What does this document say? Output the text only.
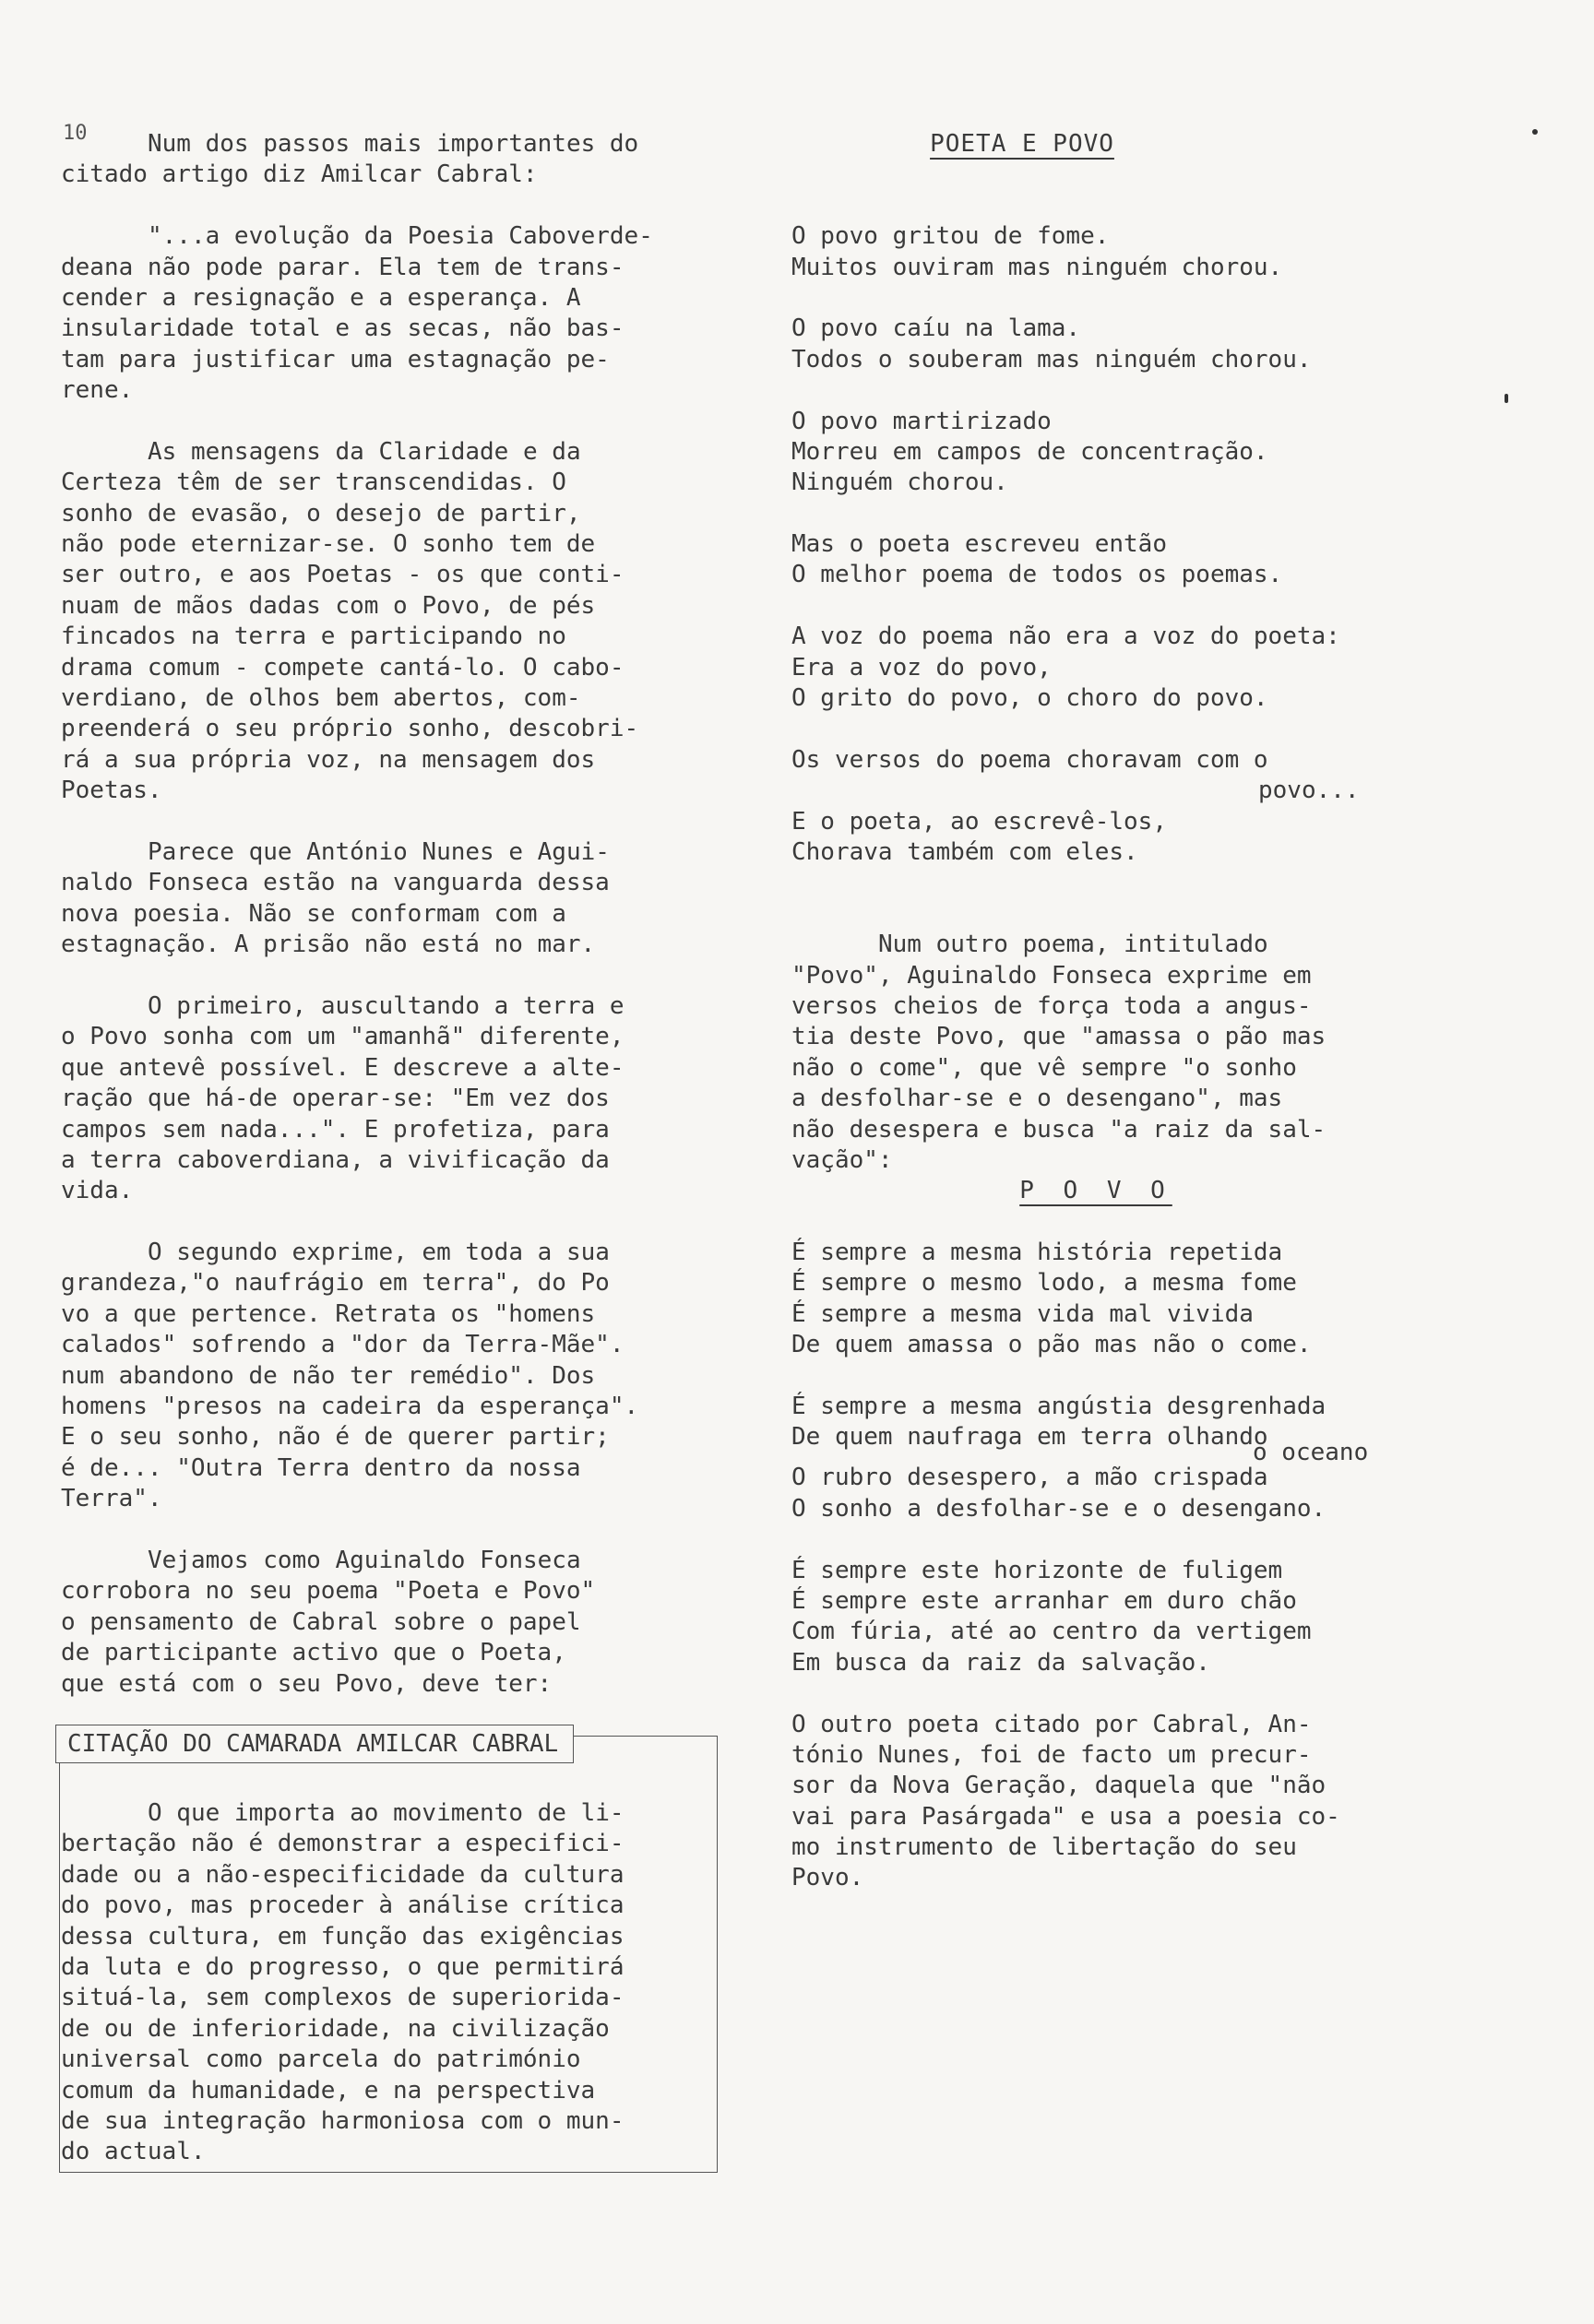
10	Num dos passos mais importantes do
citado artigo diz Amilcar Cabral:
"...a evolução da Poesia Caboverde-
deana não pode parar. Ela tem de trans-
cender a resignação e a esperança. A
insularidade total e as secas, não bas-
tam para justificar uma estagnação pe-
rene.
As mensagens da Claridade e da
Certeza têm de ser transcendidas. O
sonho de evasão, o desejo de partir,
não pode eternizar-se. O sonho tem de
ser outro, e aos Poetas - os que conti-
nuam de mãos dadas com o Povo, de pés
fincados na terra e participando no
drama comum - compete cantá-lo. O cabo-
verdiano, de olhos bem abertos, com-
preenderá o seu próprio sonho, descobri-
rá a sua própria voz, na mensagem dos
Poetas.
Parece que António Nunes e Agui-
naldo Fonseca estão na vanguarda dessa
nova poesia. Não se conformam com a
estagnação. A prisão não está no mar.
O primeiro, auscultando a terra e
o Povo sonha com um "amanhã" diferente,
que antevê possível. E descreve a alte-
ração que há-de operar-se: "Em vez dos
campos sem nada...". E profetiza, para
a terra caboverdiana, a vivificação da
vida.
O segundo exprime, em toda a sua
grandeza,"o naufrágio em terra", do Po
vo a que pertence. Retrata os "homens
calados" sofrendo a "dor da Terra-Mãe".
num abandono de não ter remédio". Dos
homens "presos na cadeira da esperança".
E o seu sonho, não é de querer partir;
é de... "Outra Terra dentro da nossa
Terra".
Vejamos como Aguinaldo Fonseca
corrobora no seu poema "Poeta e Povo"
o pensamento de Cabral sobre o papel
de participante activo que o Poeta,
que está com o seu Povo, deve ter:
CITAÇÃO DO CAMARADA AMILCAR CABRAL
O que importa ao movimento de li-
bertação não é demonstrar a especifici-
dade ou a não-especificidade da cultura
do povo, mas proceder à análise crítica
dessa cultura, em função das exigências
da luta e do progresso, o que permitirá
situá-la, sem complexos de superiorida-
de ou de inferioridade, na civilização
universal como parcela do património
comum da humanidade, e na perspectiva
de sua integração harmoniosa com o mun-
do actual.
POETA E POVO
O povo gritou de fome.
Muitos ouviram mas ninguém chorou.
O povo caíu na lama.
Todos o souberam mas ninguém chorou.
O povo martirizado
Morreu em campos de concentração.
Ninguém chorou.
Mas o poeta escreveu então
O melhor poema de todos os poemas.
A voz do poema não era a voz do poeta:
Era a voz do povo,
O grito do povo, o choro do povo.
Os versos do poema choravam com o
povo...
E o poeta, ao escrevê-los,
Chorava também com eles.
Num outro poema, intitulado
"Povo", Aguinaldo Fonseca exprime em
versos cheios de força toda a angus-
tia deste Povo, que "amassa o pão mas
não o come", que vê sempre "o sonho
a desfolhar-se e o desengano", mas
não desespera e busca "a raiz da sal-
vação":
P O V O
É sempre a mesma história repetida
É sempre o mesmo lodo, a mesma fome
É sempre a mesma vida mal vivida
De quem amassa o pão mas não o come.
É sempre a mesma angústia desgrenhada
De quem naufraga em terra olhando
o oceano
O rubro desespero, a mão crispada
O sonho a desfolhar-se e o desengano.
É sempre este horizonte de fuligem
É sempre este arranhar em duro chão
Com fúria, até ao centro da vertigem
Em busca da raiz da salvação.
O outro poeta citado por Cabral, An-
tónio Nunes, foi de facto um precur-
sor da Nova Geração, daquela que "não
vai para Pasárgada" e usa a poesia co-
mo instrumento de libertação do seu
Povo.
